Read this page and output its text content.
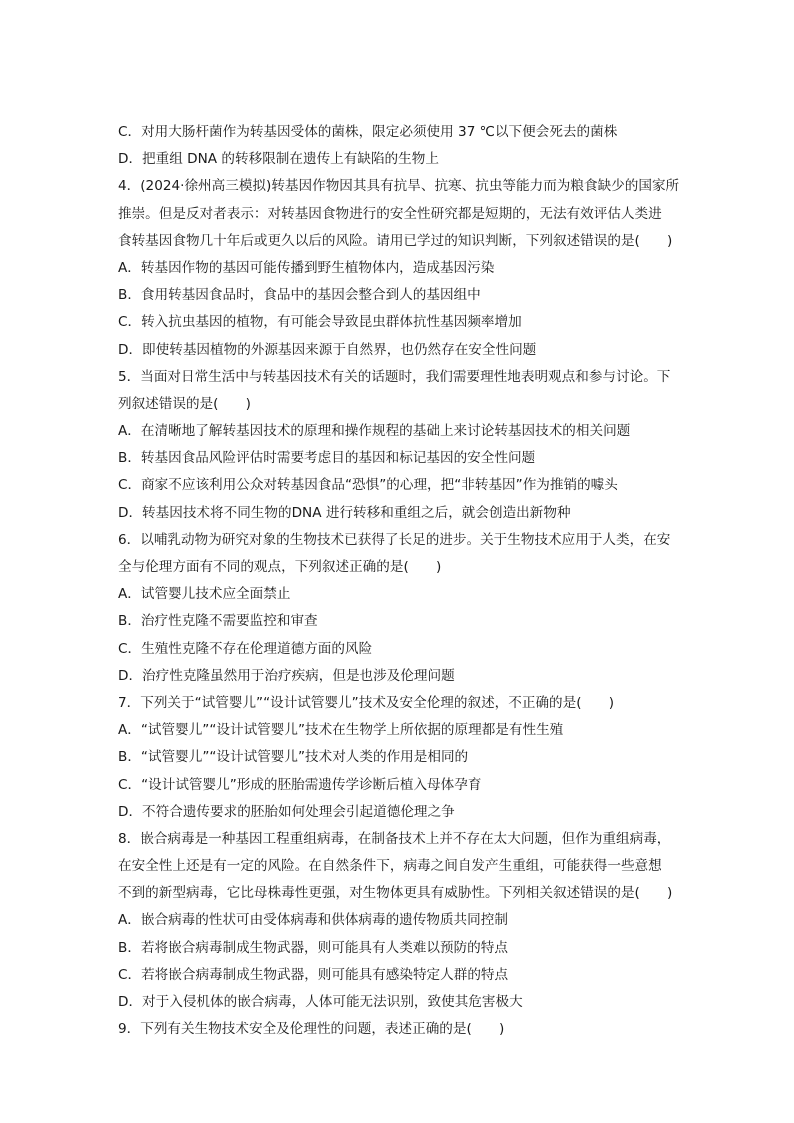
C．对用大肠杆菌作为转基因受体的菌株，限定必须使用 37 ℃以下便会死去的菌株
D．把重组 DNA 的转移限制在遗传上有缺陷的生物上
4．(2024·徐州高三模拟)转基因作物因其具有抗旱、抗寒、抗虫等能力而为粮食缺少的国家所
推崇。但是反对者表示：对转基因食物进行的安全性研究都是短期的，无法有效评估人类进
食转基因食物几十年后或更久以后的风险。请用已学过的知识判断，下列叙述错误的是(　　)
A．转基因作物的基因可能传播到野生植物体内，造成基因污染
B．食用转基因食品时，食品中的基因会整合到人的基因组中
C．转入抗虫基因的植物，有可能会导致昆虫群体抗性基因频率增加
D．即使转基因植物的外源基因来源于自然界，也仍然存在安全性问题
5．当面对日常生活中与转基因技术有关的话题时，我们需要理性地表明观点和参与讨论。下
列叙述错误的是(　　)
A．在清晰地了解转基因技术的原理和操作规程的基础上来讨论转基因技术的相关问题
B．转基因食品风险评估时需要考虑目的基因和标记基因的安全性问题
C．商家不应该利用公众对转基因食品“恐惧”的心理，把“非转基因”作为推销的噱头
D．转基因技术将不同生物的DNA 进行转移和重组之后，就会创造出新物种
6．以哺乳动物为研究对象的生物技术已获得了长足的进步。关于生物技术应用于人类，在安
全与伦理方面有不同的观点，下列叙述正确的是(　　)
A．试管婴儿技术应全面禁止
B．治疗性克隆不需要监控和审查
C．生殖性克隆不存在伦理道德方面的风险
D．治疗性克隆虽然用于治疗疾病，但是也涉及伦理问题
7．下列关于“试管婴儿”“设计试管婴儿”技术及安全伦理的叙述，不正确的是(　　)
A．“试管婴儿”“设计试管婴儿”技术在生物学上所依据的原理都是有性生殖
B．“试管婴儿”“设计试管婴儿”技术对人类的作用是相同的
C．“设计试管婴儿”形成的胚胎需遗传学诊断后植入母体孕育
D．不符合遗传要求的胚胎如何处理会引起道德伦理之争
8．嵌合病毒是一种基因工程重组病毒，在制备技术上并不存在太大问题，但作为重组病毒，
在安全性上还是有一定的风险。在自然条件下，病毒之间自发产生重组，可能获得一些意想
不到的新型病毒，它比母株毒性更强，对生物体更具有威胁性。下列相关叙述错误的是(　　)
A．嵌合病毒的性状可由受体病毒和供体病毒的遗传物质共同控制
B．若将嵌合病毒制成生物武器，则可能具有人类难以预防的特点
C．若将嵌合病毒制成生物武器，则可能具有感染特定人群的特点
D．对于入侵机体的嵌合病毒，人体可能无法识别，致使其危害极大
9．下列有关生物技术安全及伦理性的问题，表述正确的是(　　)
